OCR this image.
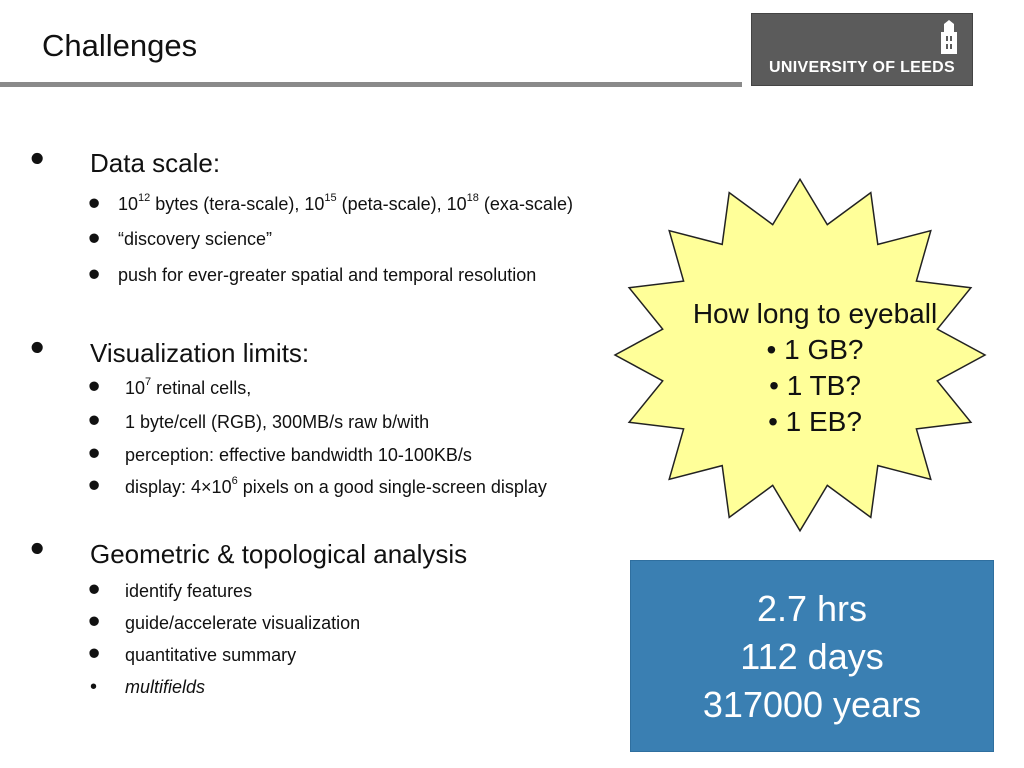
Challenges
UNIVERSITY OF LEEDS
• Data scale:
• $10^{12}$ bytes (tera-scale), $10^{15}$ (peta-scale), $10^{18}$ (exa-scale)
• “discovery science”
• push for ever-greater spatial and temporal resolution
• Visualization limits:
• $10^7$ retinal cells,
• 1 byte/cell (RGB), 300MB/s raw b/with
• perception: effective bandwidth 10-100KB/s
• display: $4\times 10^6$ pixels on a good single-screen display
• Geometric & topological analysis
• identify features
• guide/accelerate visualization
• quantitative summary
• multifields
How long to eyeball
• 1 GB?
• 1 TB?
• 1 EB?
2.7 hrs
112 days
317000 years
